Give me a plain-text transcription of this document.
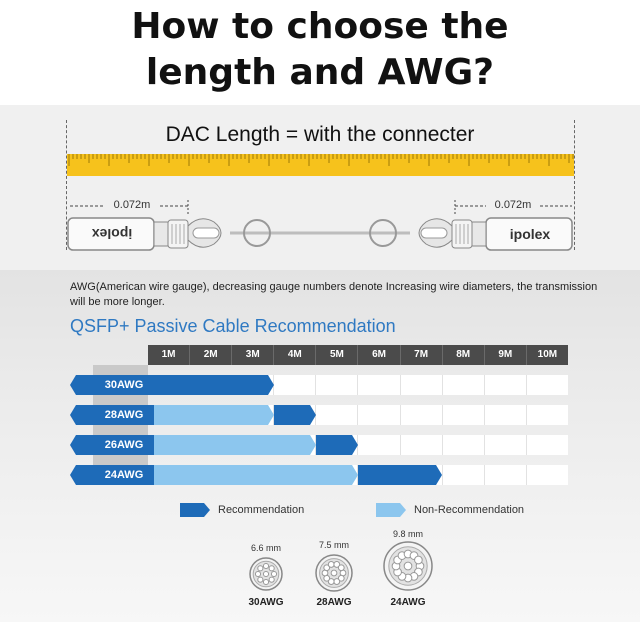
How to choose the
length and AWG?
DAC Length = with the connecter
0.072m	0.072m
ipolex	ipolex
AWG(American wire gauge), decreasing gauge numbers denote Increasing wire diameters, the transmission will be more longer.
QSFP+ Passive Cable Recommendation
1M	2M	3M	4M	5M	6M	7M	8M	9M	10M
30AWG
28AWG
26AWG
24AWG
Recommendation	Non-Recommendation
6.6 mm	7.5 mm
9.8 mm
30AWG	28AWG	24AWG
